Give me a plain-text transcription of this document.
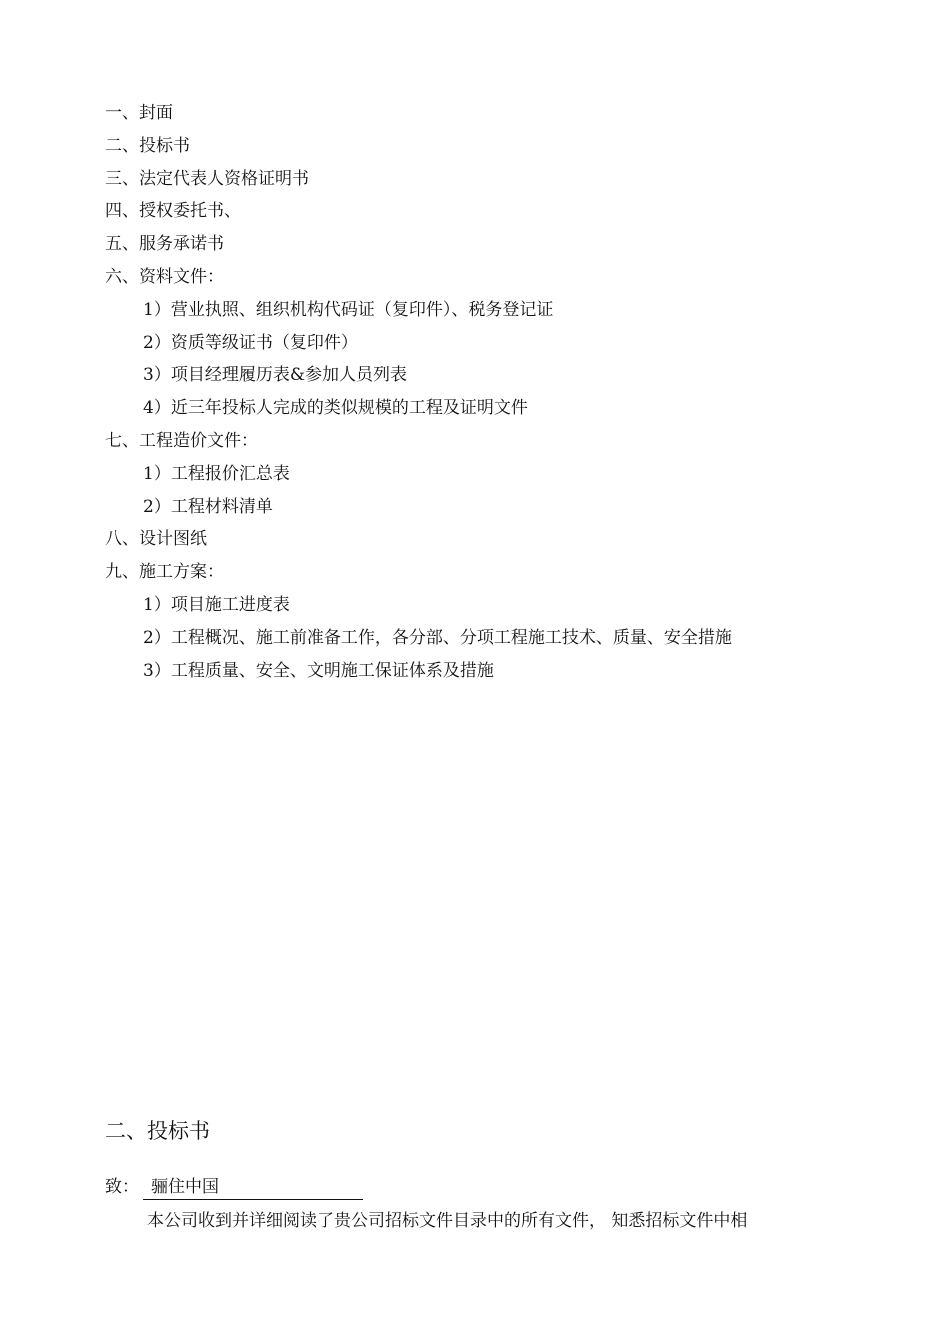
一、封面
二、投标书
三、法定代表人资格证明书
四、授权委托书、
五、服务承诺书
六、资料文件：
1）营业执照、组织机构代码证（复印件）、税务登记证
2）资质等级证书（复印件）
3）项目经理履历表&参加人员列表
4）近三年投标人完成的类似规模的工程及证明文件
七、工程造价文件：
1）工程报价汇总表
2）工程材料清单
八、设计图纸
九、施工方案：
1）项目施工进度表
2）工程概况、施工前准备工作，各分部、分项工程施工技术、质量、安全措施
3）工程质量、安全、文明施工保证体系及措施
二、投标书
致： 骊住中国
本公司收到并详细阅读了贵公司招标文件目录中的所有文件， 知悉招标文件中相
